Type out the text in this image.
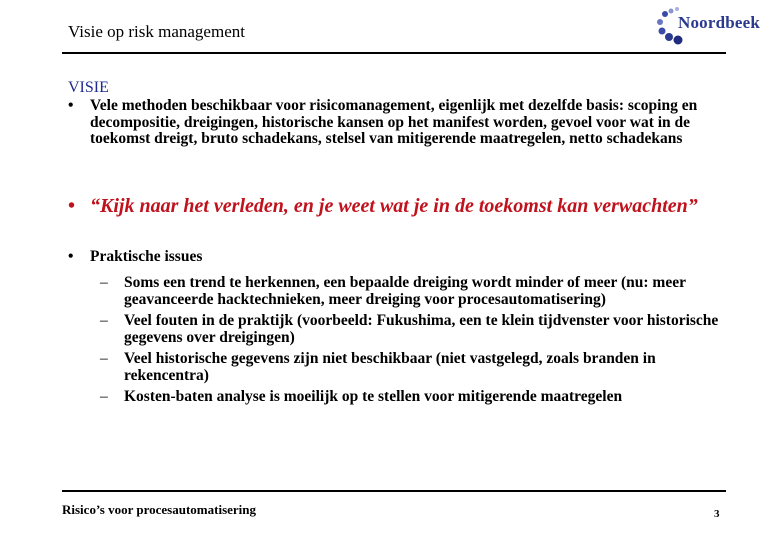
Visie op risk management	Noordbeek
VISIE
• Vele methoden beschikbaar voor risicomanagement, eigenlijk met dezelfde basis: scoping en decompositie, dreigingen, historische kansen op het manifest worden, gevoel voor wat in de toekomst dreigt, bruto schadekans, stelsel van mitigerende maatregelen, netto schadekans
• “Kijk naar het verleden, en je weet wat je in de toekomst kan verwachten”
• Praktische issues
– Soms een trend te herkennen, een bepaalde dreiging wordt minder of meer (nu: meer geavanceerde hacktechnieken, meer dreiging voor procesautomatisering)
– Veel fouten in de praktijk (voorbeeld: Fukushima, een te klein tijdvenster voor historische gegevens over dreigingen)
– Veel historische gegevens zijn niet beschikbaar (niet vastgelegd, zoals branden in rekencentra)
– Kosten-baten analyse is moeilijk op te stellen voor mitigerende maatregelen
Risico’s voor procesautomatisering	3
